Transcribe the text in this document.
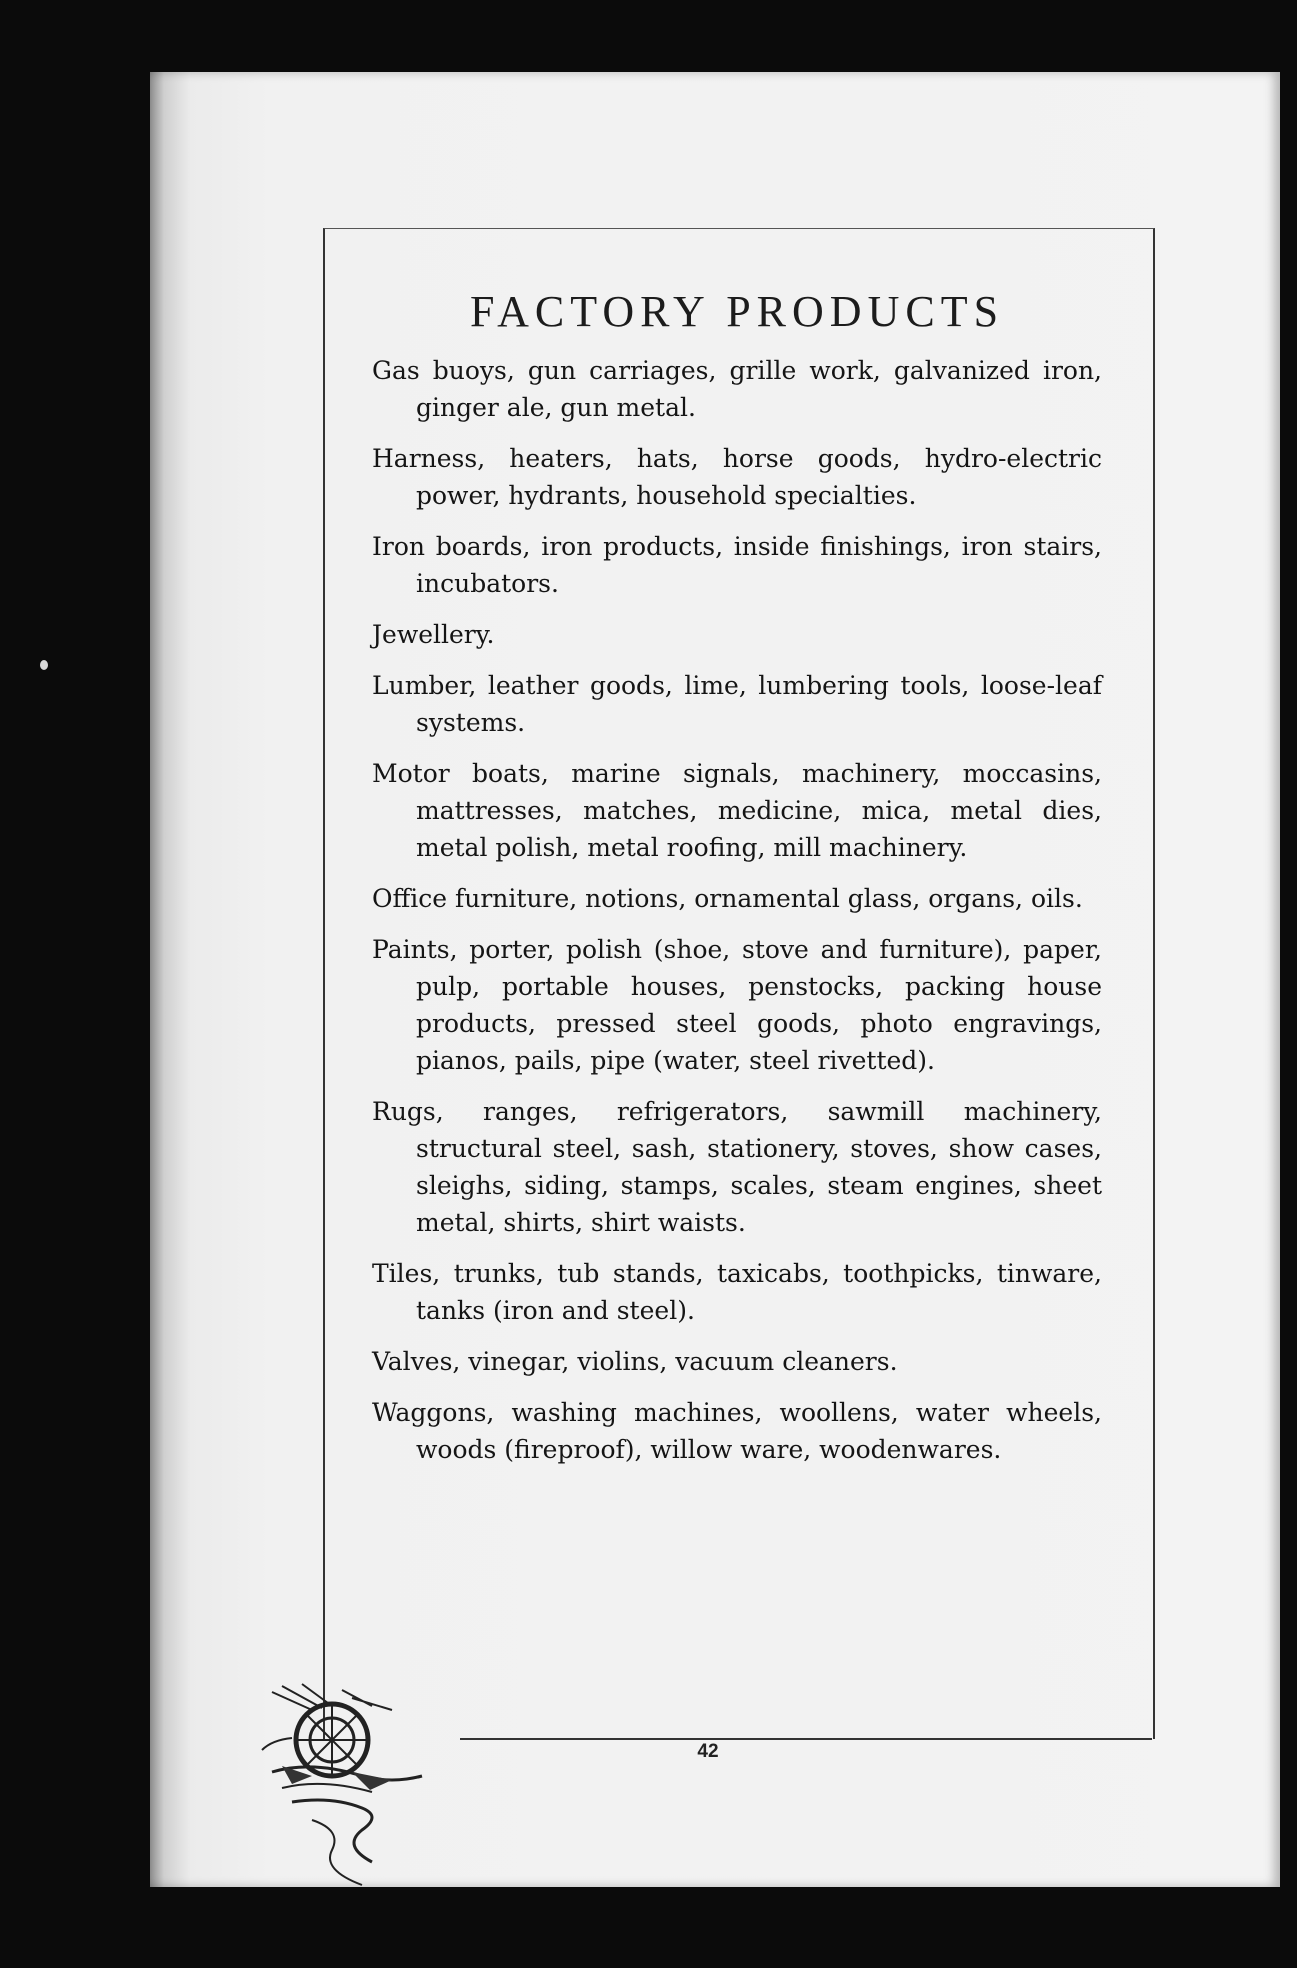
FACTORY PRODUCTS

Gas buoys, gun carriages, grille work, galvanized iron, ginger ale, gun metal.

Harness, heaters, hats, horse goods, hydro-electric power, hydrants, household specialties.

Iron boards, iron products, inside finishings, iron stairs, incubators.

Jewellery.

Lumber, leather goods, lime, lumbering tools, loose-leaf systems.

Motor boats, marine signals, machinery, moccasins, mattresses, matches, medicine, mica, metal dies, metal polish, metal roofing, mill machinery.

Office furniture, notions, ornamental glass, organs, oils.

Paints, porter, polish (shoe, stove and furniture), paper, pulp, portable houses, penstocks, packing house products, pressed steel goods, photo engravings, pianos, pails, pipe (water, steel rivetted).

Rugs, ranges, refrigerators, sawmill machinery, structural steel, sash, stationery, stoves, show cases, sleighs, siding, stamps, scales, steam engines, sheet metal, shirts, shirt waists.

Tiles, trunks, tub stands, taxicabs, toothpicks, tinware, tanks (iron and steel).

Valves, vinegar, violins, vacuum cleaners.

Waggons, washing machines, woollens, water wheels, woods (fireproof), willow ware, woodenwares.

42
